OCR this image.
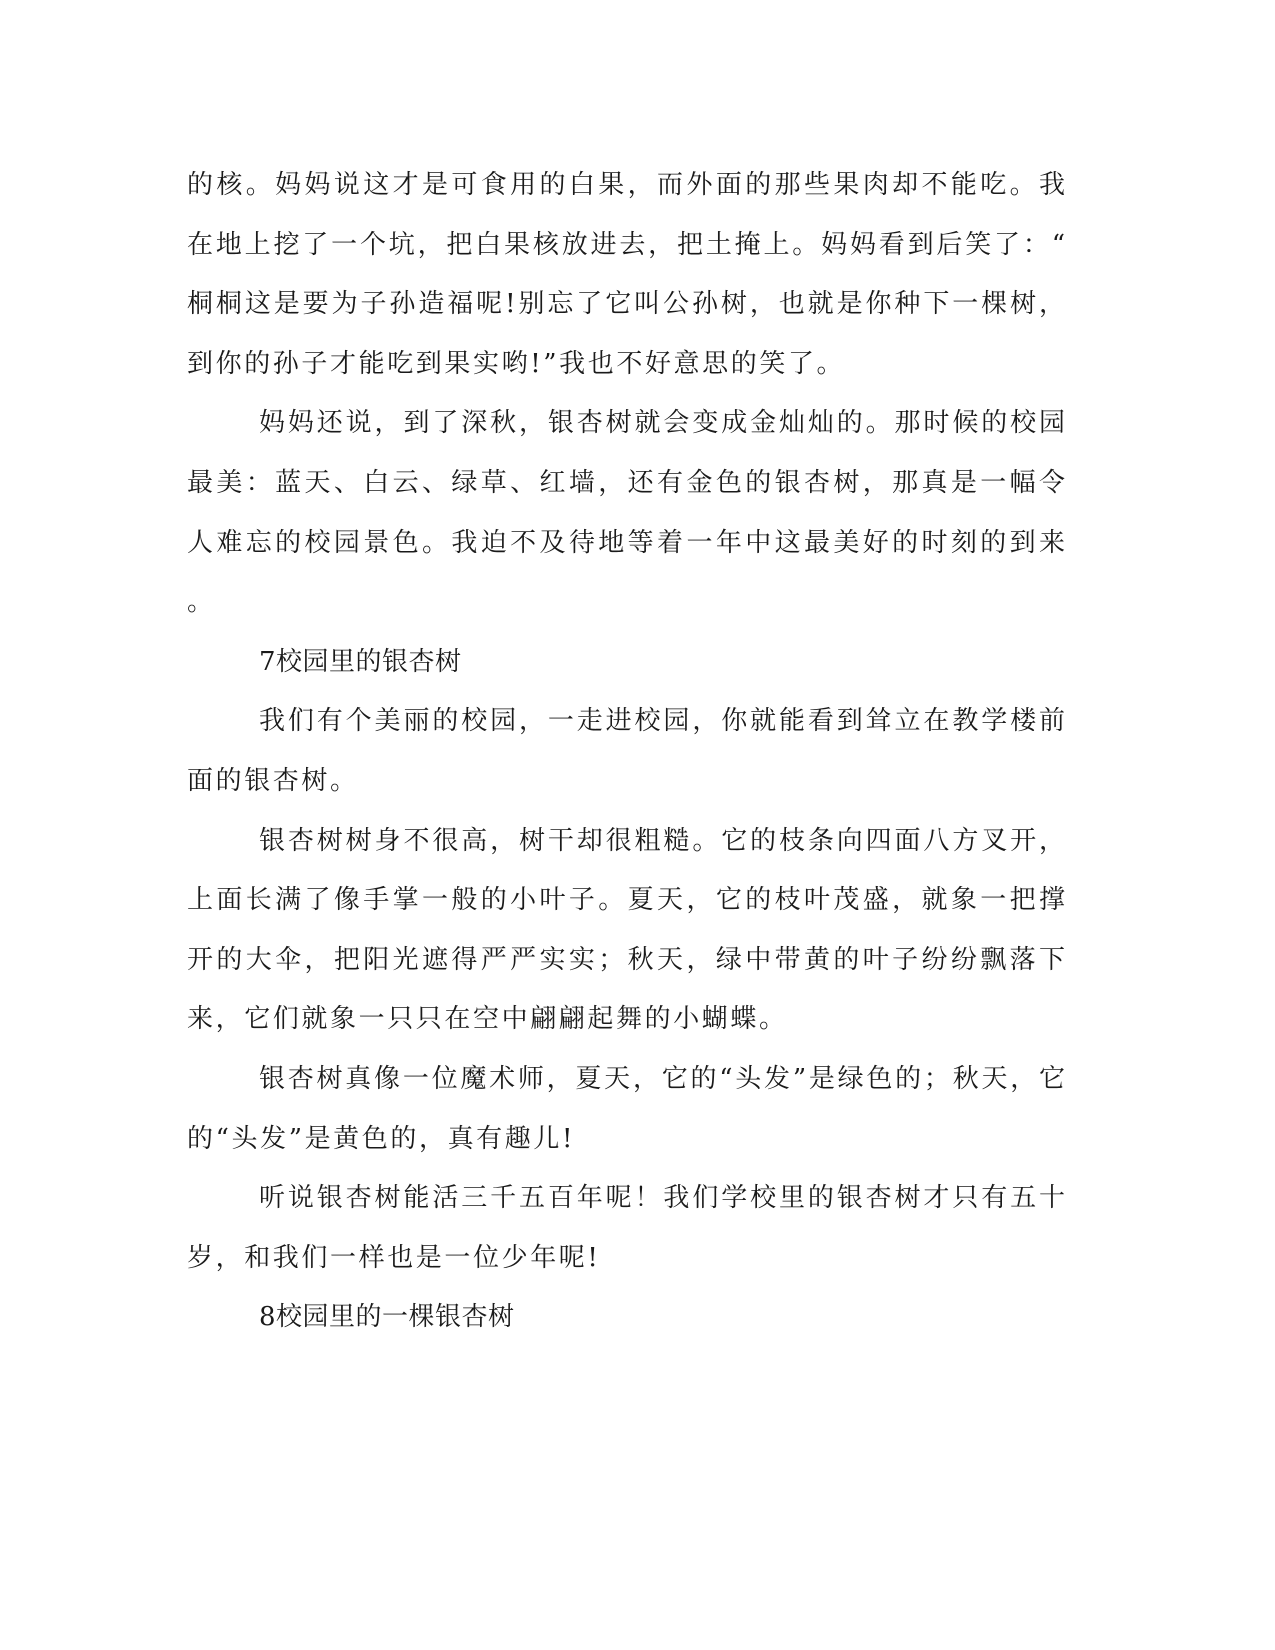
的核。妈妈说这才是可食用的白果，而外面的那些果肉却不能吃。我
在地上挖了一个坑，把白果核放进去，把土掩上。妈妈看到后笑了：“
桐桐这是要为子孙造福呢!别忘了它叫公孙树，也就是你种下一棵树，
到你的孙子才能吃到果实哟!”我也不好意思的笑了。
妈妈还说，到了深秋，银杏树就会变成金灿灿的。那时候的校园
最美：蓝天、白云、绿草、红墙，还有金色的银杏树，那真是一幅令
人难忘的校园景色。我迫不及待地等着一年中这最美好的时刻的到来
。
7校园里的银杏树
我们有个美丽的校园，一走进校园，你就能看到耸立在教学楼前
面的银杏树。
银杏树树身不很高，树干却很粗糙。它的枝条向四面八方叉开，
上面长满了像手掌一般的小叶子。夏天，它的枝叶茂盛，就象一把撑
开的大伞，把阳光遮得严严实实；秋天，绿中带黄的叶子纷纷飘落下
来，它们就象一只只在空中翩翩起舞的小蝴蝶。
银杏树真像一位魔术师，夏天，它的“头发”是绿色的；秋天，它
的“头发”是黄色的，真有趣儿!
听说银杏树能活三千五百年呢！我们学校里的银杏树才只有五十
岁，和我们一样也是一位少年呢!
8校园里的一棵银杏树
